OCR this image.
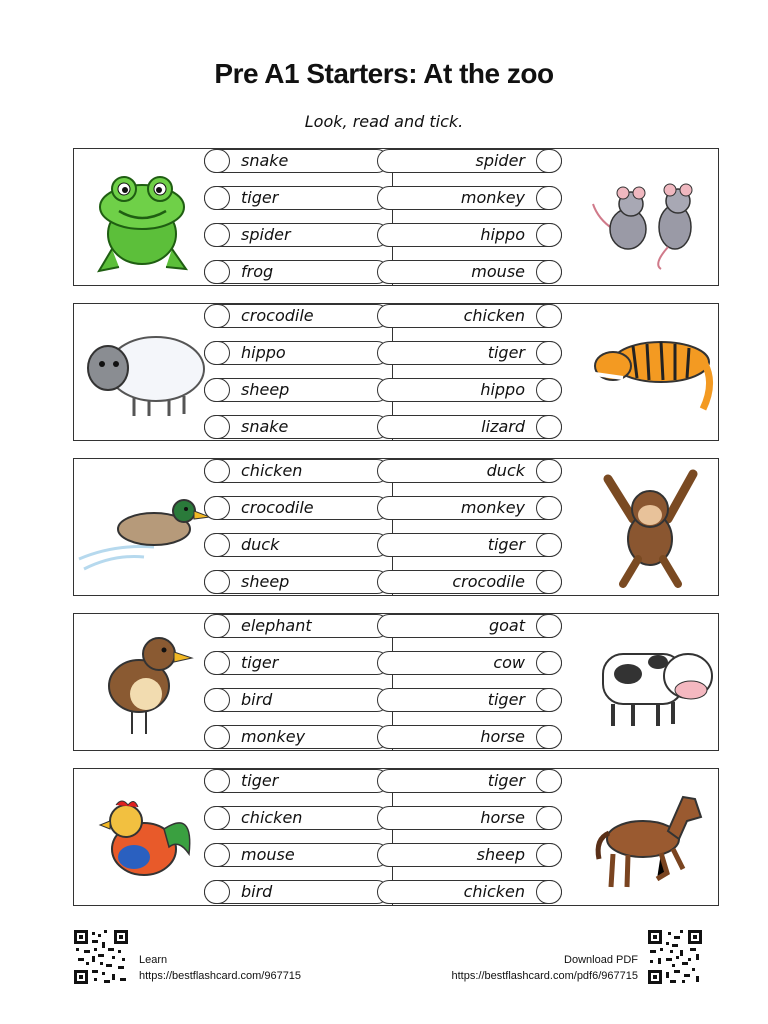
Pre A1 Starters: At the zoo
Look, read and tick.
snake
tiger
spider
frog
spider
monkey
hippo
mouse
crocodile
hippo
sheep
snake
chicken
tiger
hippo
lizard
chicken
crocodile
duck
sheep
duck
monkey
tiger
crocodile
elephant
tiger
bird
monkey
goat
cow
tiger
horse
tiger
chicken
mouse
bird
tiger
horse
sheep
chicken
Learn
https://bestflashcard.com/967715
Download PDF
https://bestflashcard.com/pdf6/967715
